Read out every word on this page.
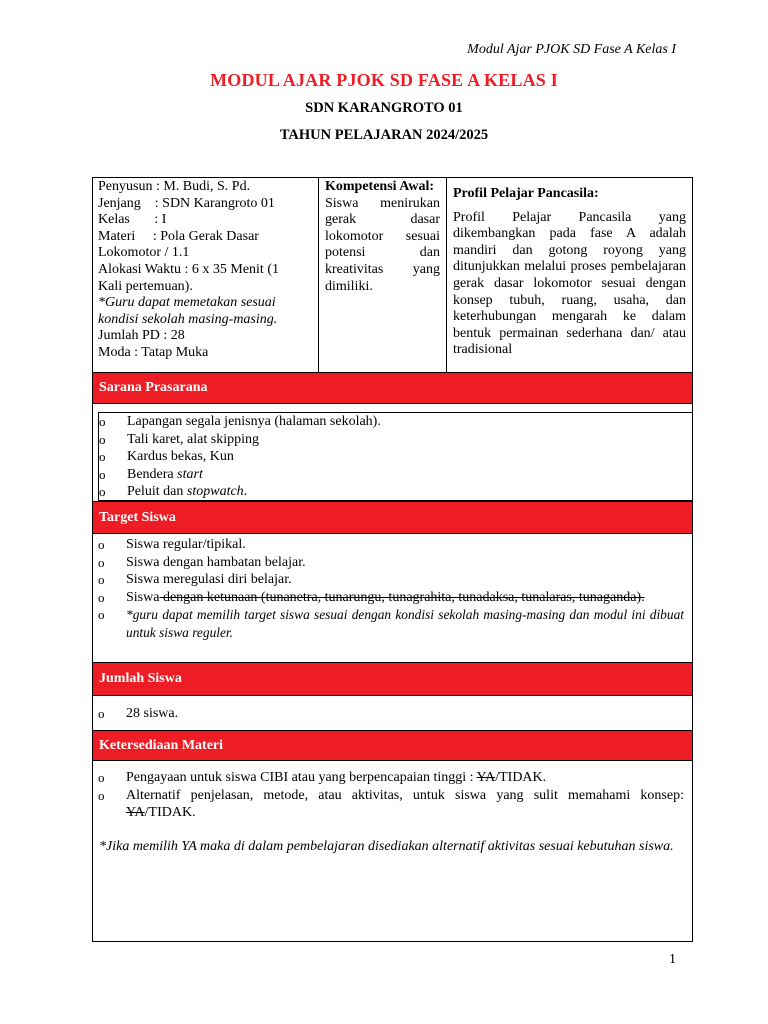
Modul Ajar PJOK SD Fase A Kelas I
MODUL AJAR PJOK SD FASE A KELAS I
SDN KARANGROTO 01
TAHUN PELAJARAN 2024/2025
Penyusun : M. Budi, S. Pd.
Jenjang    : SDN Karangroto 01
Kelas       : I
Materi     : Pola Gerak Dasar
Lokomotor / 1.1
Alokasi Waktu : 6 x 35 Menit (1
Kali pertemuan).
*Guru dapat memetakan sesuai kondisi sekolah masing-masing.
Jumlah PD : 28
Moda : Tatap Muka
Kompetensi Awal:
Siswa menirukan gerak dasar lokomotor sesuai potensi dan kreativitas yang dimiliki.
Profil Pelajar Pancasila:
Profil Pelajar Pancasila yang dikembangkan pada fase A adalah mandiri dan gotong royong yang ditunjukkan melalui proses pembelajaran gerak dasar lokomotor sesuai dengan konsep tubuh, ruang, usaha, dan keterhubungan mengarah ke dalam bentuk permainan sederhana dan/ atau tradisional
Sarana Prasarana
o Lapangan segala jenisnya (halaman sekolah).
o Tali karet, alat skipping
o Kardus bekas, Kun
o Bendera start
o Peluit dan stopwatch.
Target Siswa
o Siswa regular/tipikal.
o Siswa dengan hambatan belajar.
o Siswa meregulasi diri belajar.
o Siswa dengan ketunaan (tunanetra, tunarungu, tunagrahita, tunadaksa, tunalaras, tunaganda).
o *guru dapat memilih target siswa sesuai dengan kondisi sekolah masing-masing dan modul ini dibuat untuk siswa reguler.
Jumlah Siswa
o 28 siswa.
Ketersediaan Materi
o Pengayaan untuk siswa CIBI atau yang berpencapaian tinggi : YA/TIDAK.
o Alternatif penjelasan, metode, atau aktivitas, untuk siswa yang sulit memahami konsep: YA/TIDAK.
*Jika memilih YA maka di dalam pembelajaran disediakan alternatif aktivitas sesuai kebutuhan siswa.
1
